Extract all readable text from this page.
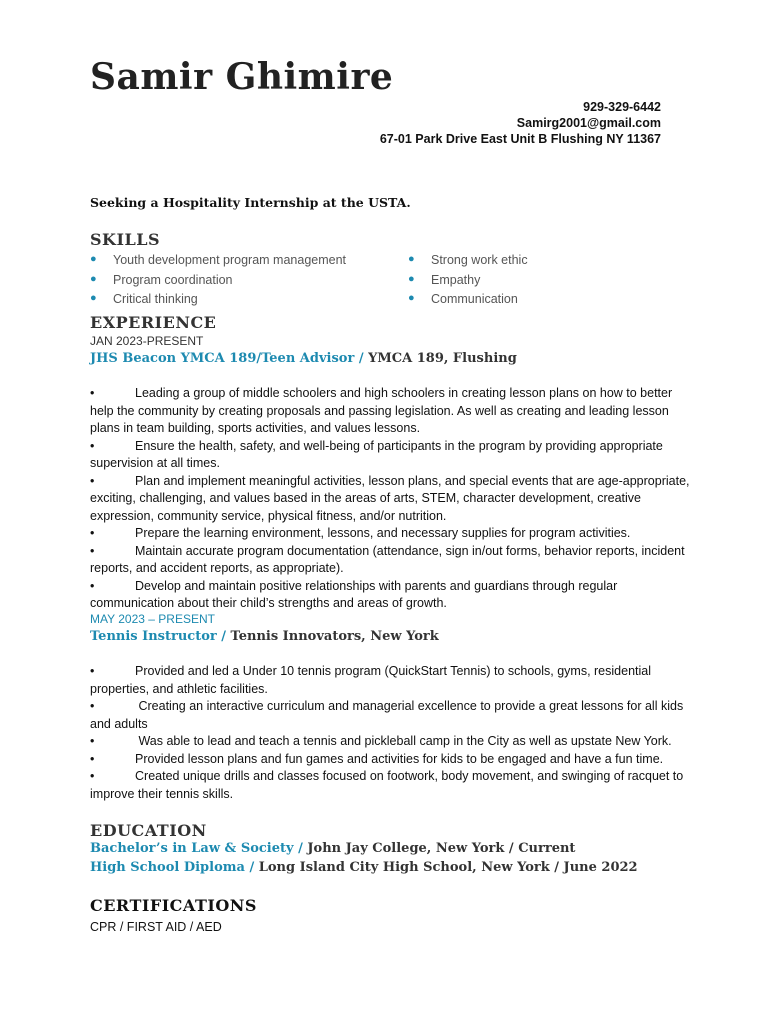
Samir Ghimire
929-329-6442
Samirg2001@gmail.com
67-01 Park Drive East Unit B Flushing NY 11367
Seeking a Hospitality Internship at the USTA.
SKILLS
● Youth development program management
● Program coordination
● Critical thinking
● Strong work ethic
● Empathy
● Communication
EXPERIENCE
JAN 2023-PRESENT
JHS Beacon YMCA 189/Teen Advisor / YMCA 189, Flushing
•	Leading a group of middle schoolers and high schoolers in creating lesson plans on how to better help the community by creating proposals and passing legislation. As well as creating and leading lesson plans in team building, sports activities, and values lessons.
•	Ensure the health, safety, and well-being of participants in the program by providing appropriate supervision at all times.
•	Plan and implement meaningful activities, lesson plans, and special events that are age-appropriate, exciting, challenging, and values based in the areas of arts, STEM, character development, creative expression, community service, physical fitness, and/or nutrition.
•	Prepare the learning environment, lessons, and necessary supplies for program activities.
•	Maintain accurate program documentation (attendance, sign in/out forms, behavior reports, incident reports, and accident reports, as appropriate).
•	Develop and maintain positive relationships with parents and guardians through regular communication about their child’s strengths and areas of growth.
MAY 2023 – PRESENT
Tennis Instructor / Tennis Innovators, New York
•	Provided and led a Under 10 tennis program (QuickStart Tennis) to schools, gyms, residential properties, and athletic facilities.
•	Creating an interactive curriculum and managerial excellence to provide a great lessons for all kids and adults
•	Was able to lead and teach a tennis and pickleball camp in the City as well as upstate New York.
•	Provided lesson plans and fun games and activities for kids to be engaged and have a fun time.
•	Created unique drills and classes focused on footwork, body movement, and swinging of racquet to improve their tennis skills.
EDUCATION
Bachelor’s in Law & Society / John Jay College, New York / Current
High School Diploma / Long Island City High School, New York / June 2022
CERTIFICATIONS
CPR / FIRST AID / AED
